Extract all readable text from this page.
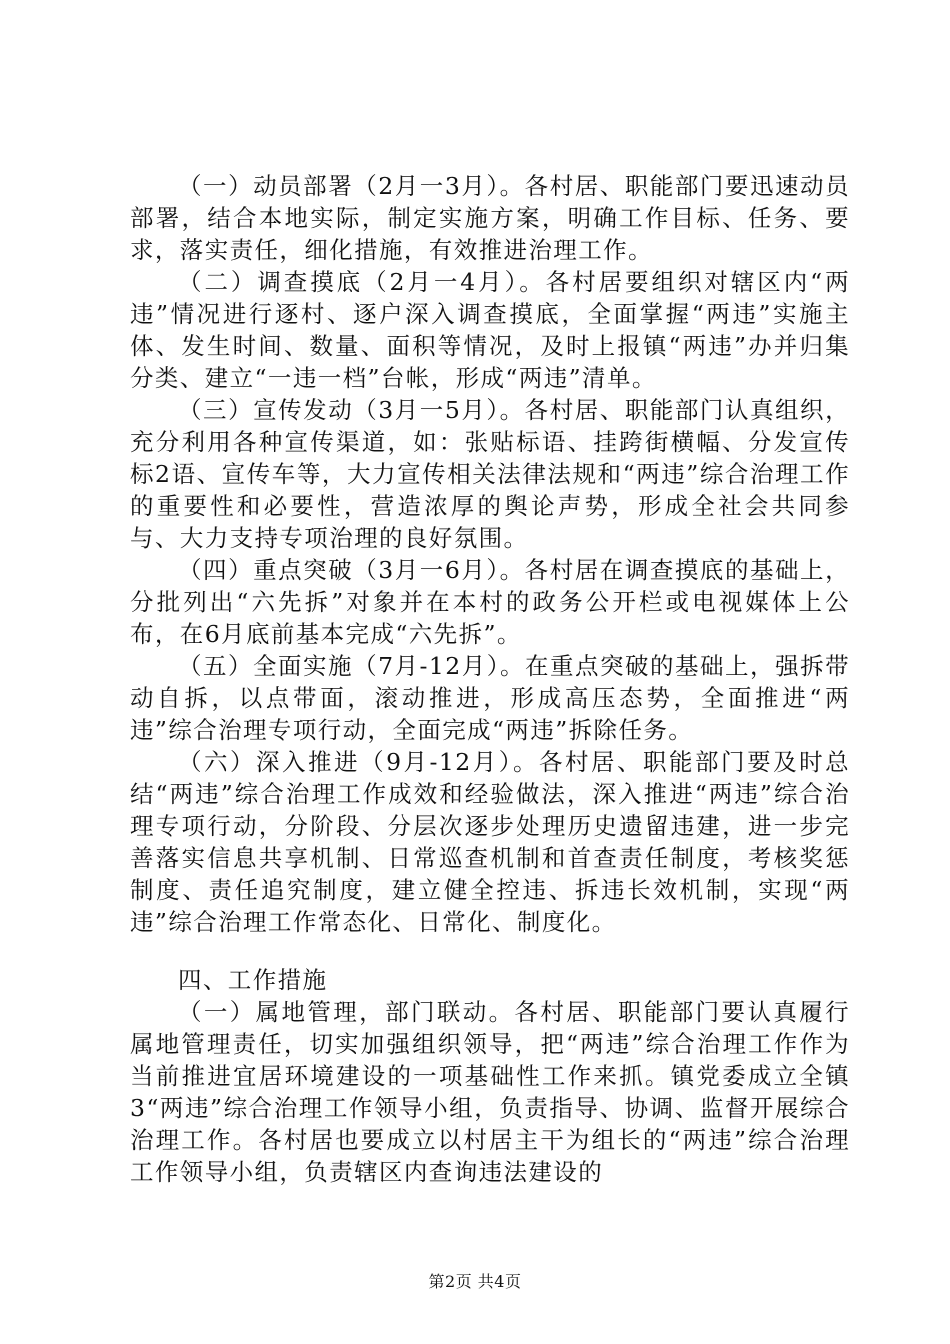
（一）动员部署（2月一3月）。各村居、职能部门要迅速动员部署，结合本地实际，制定实施方案，明确工作目标、任务、要求，落实责任，细化措施，有效推进治理工作。

（二）调查摸底（2月一4月）。各村居要组织对辖区内“两违”情况进行逐村、逐户深入调查摸底，全面掌握“两违”实施主体、发生时间、数量、面积等情况，及时上报镇“两违”办并归集分类、建立“一违一档”台帐，形成“两违”清单。

（三）宣传发动（3月一5月）。各村居、职能部门认真组织，充分利用各种宣传渠道，如：张贴标语、挂跨街横幅、分发宣传标2语、宣传车等，大力宣传相关法律法规和“两违”综合治理工作的重要性和必要性，营造浓厚的舆论声势，形成全社会共同参与、大力支持专项治理的良好氛围。

（四）重点突破（3月一6月）。各村居在调查摸底的基础上，分批列出“六先拆”对象并在本村的政务公开栏或电视媒体上公布，在6月底前基本完成“六先拆”。

（五）全面实施（7月-12月）。在重点突破的基础上，强拆带动自拆，以点带面，滚动推进，形成高压态势，全面推进“两违”综合治理专项行动，全面完成“两违”拆除任务。

（六）深入推进（9月-12月）。各村居、职能部门要及时总结“两违”综合治理工作成效和经验做法，深入推进“两违”综合治理专项行动，分阶段、分层次逐步处理历史遗留违建，进一步完善落实信息共享机制、日常巡查机制和首查责任制度，考核奖惩制度、责任追究制度，建立健全控违、拆违长效机制，实现“两违”综合治理工作常态化、日常化、制度化。

四、工作措施

（一）属地管理，部门联动。各村居、职能部门要认真履行属地管理责任，切实加强组织领导，把“两违”综合治理工作作为当前推进宜居环境建设的一项基础性工作来抓。镇党委成立全镇3“两违”综合治理工作领导小组，负责指导、协调、监督开展综合治理工作。各村居也要成立以村居主干为组长的“两违”综合治理工作领导小组，负责辖区内查询违法建设的

第2页 共4页
